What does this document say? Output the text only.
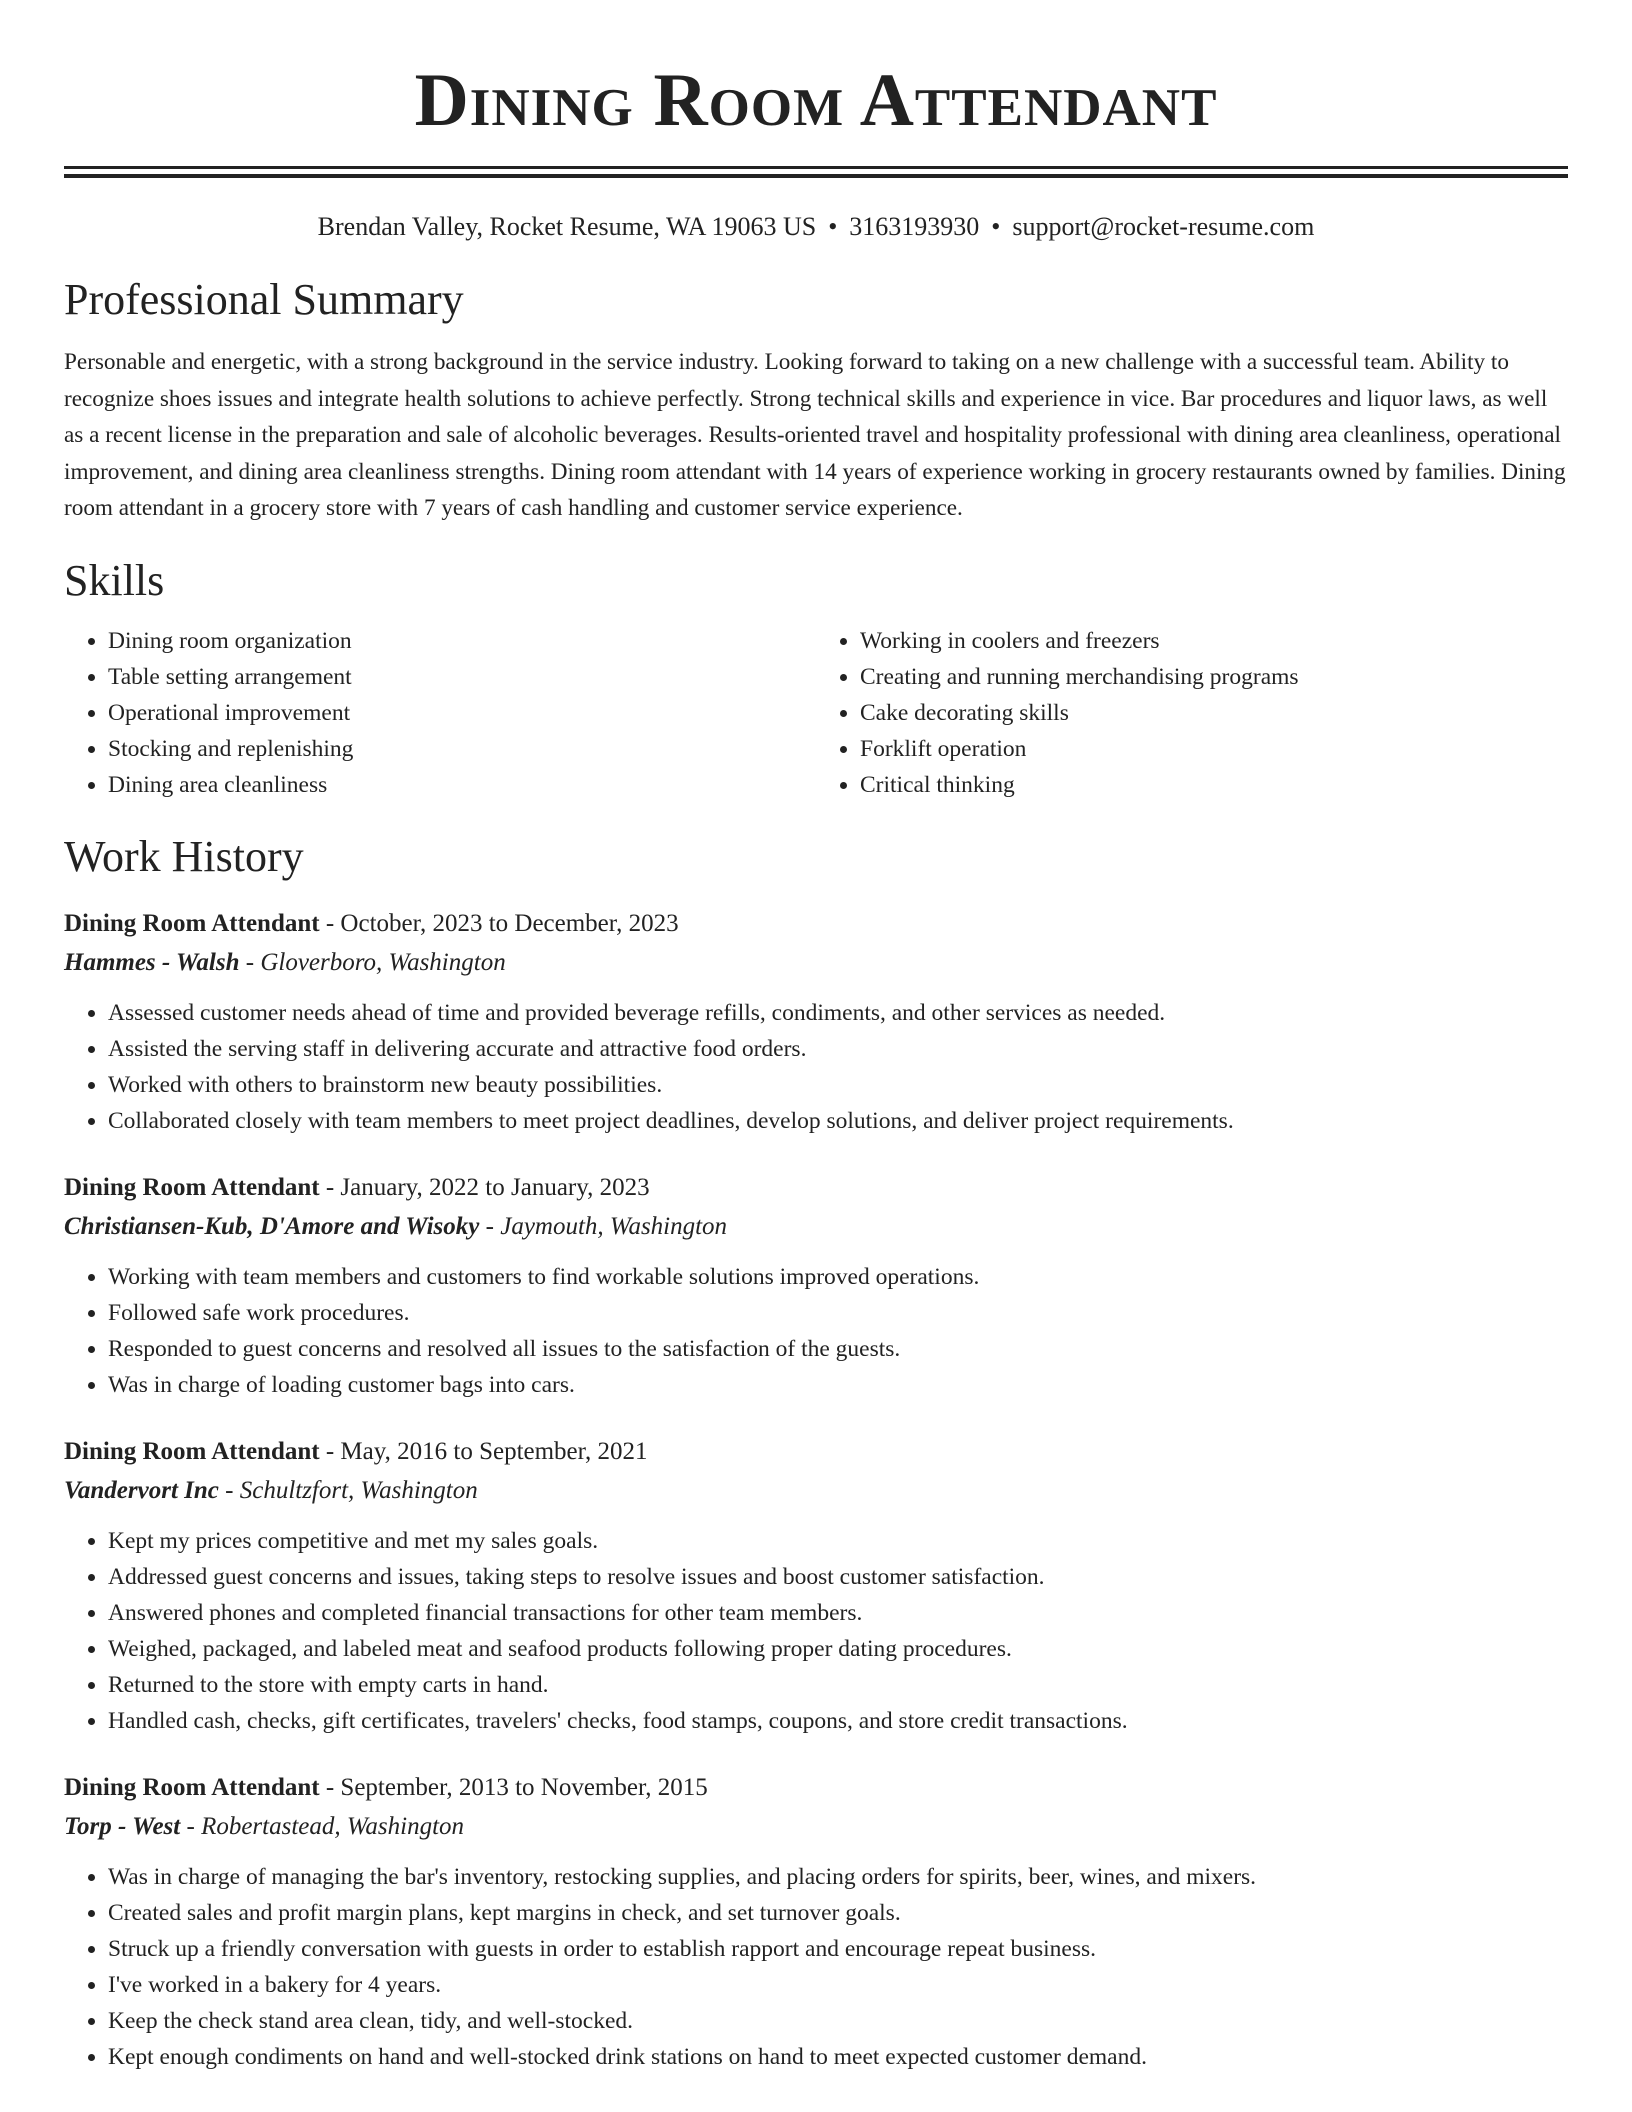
Dining Room Attendant
Brendan Valley, Rocket Resume, WA 19063 US • 3163193930 • support@rocket-resume.com
Professional Summary
Personable and energetic, with a strong background in the service industry. Looking forward to taking on a new challenge with a successful team. Ability to recognize shoes issues and integrate health solutions to achieve perfectly. Strong technical skills and experience in vice. Bar procedures and liquor laws, as well as a recent license in the preparation and sale of alcoholic beverages. Results-oriented travel and hospitality professional with dining area cleanliness, operational improvement, and dining area cleanliness strengths. Dining room attendant with 14 years of experience working in grocery restaurants owned by families. Dining room attendant in a grocery store with 7 years of cash handling and customer service experience.
Skills
• Dining room organization
• Table setting arrangement
• Operational improvement
• Stocking and replenishing
• Dining area cleanliness
• Working in coolers and freezers
• Creating and running merchandising programs
• Cake decorating skills
• Forklift operation
• Critical thinking
Work History
Dining Room Attendant - October, 2023 to December, 2023
Hammes - Walsh - Gloverboro, Washington
• Assessed customer needs ahead of time and provided beverage refills, condiments, and other services as needed.
• Assisted the serving staff in delivering accurate and attractive food orders.
• Worked with others to brainstorm new beauty possibilities.
• Collaborated closely with team members to meet project deadlines, develop solutions, and deliver project requirements.
Dining Room Attendant - January, 2022 to January, 2023
Christiansen-Kub, D'Amore and Wisoky - Jaymouth, Washington
• Working with team members and customers to find workable solutions improved operations.
• Followed safe work procedures.
• Responded to guest concerns and resolved all issues to the satisfaction of the guests.
• Was in charge of loading customer bags into cars.
Dining Room Attendant - May, 2016 to September, 2021
Vandervort Inc - Schultzfort, Washington
• Kept my prices competitive and met my sales goals.
• Addressed guest concerns and issues, taking steps to resolve issues and boost customer satisfaction.
• Answered phones and completed financial transactions for other team members.
• Weighed, packaged, and labeled meat and seafood products following proper dating procedures.
• Returned to the store with empty carts in hand.
• Handled cash, checks, gift certificates, travelers' checks, food stamps, coupons, and store credit transactions.
Dining Room Attendant - September, 2013 to November, 2015
Torp - West - Robertastead, Washington
• Was in charge of managing the bar's inventory, restocking supplies, and placing orders for spirits, beer, wines, and mixers.
• Created sales and profit margin plans, kept margins in check, and set turnover goals.
• Struck up a friendly conversation with guests in order to establish rapport and encourage repeat business.
• I've worked in a bakery for 4 years.
• Keep the check stand area clean, tidy, and well-stocked.
• Kept enough condiments on hand and well-stocked drink stations on hand to meet expected customer demand.
